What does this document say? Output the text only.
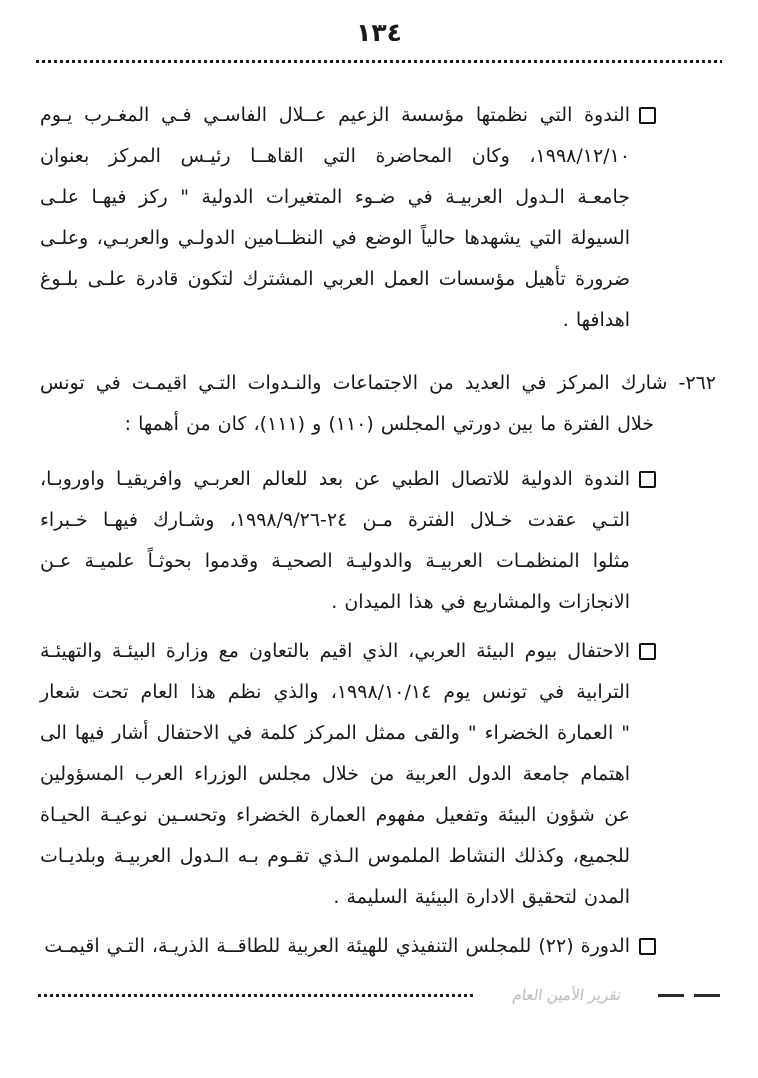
١٣٤
الندوة التي نظمتها مؤسسة الزعيم عــلال الفاسـي فـي المغـرب يـوم
١٩٩٨/١٢/١٠، وكان المحاضرة التي القاهــا رئيـس المركز بعنوان
جامعـة الـدول العربيـة في ضـوء المتغيرات الدولية " ركز فيهـا علـى
السيولة التي يشهدها حالياً الوضع في النظــامين الدولـي والعربـي، وعلـى
ضرورة تأهيل مؤسسات العمل العربي المشترك لتكون قادرة علـى بلـوغ
اهدافها .
٢٦٢- شارك المركز في العديد من الاجتماعات والنـدوات التـي اقيمـت في تونس
خلال الفترة ما بين دورتي المجلس (١١٠) و (١١١)، كان من أهمها :
الندوة الدولية للاتصال الطبي عن بعد للعالم العربـي وافريقيـا واوروبـا،
التـي عقدت خـلال الفترة مـن ٢٤-١٩٩٨/٩/٢٦، وشـارك فيهـا خـبراء
مثلوا المنظمـات العربيـة والدوليـة الصحيـة وقدموا بحوثـاً علميـة عـن
الانجازات والمشاريع في هذا الميدان .
الاحتفال بيوم البيئة العربي، الذي اقيم بالتعاون مع وزارة البيئـة والتهيئـة
الترابية في تونس يوم ١٩٩٨/١٠/١٤، والذي نظم هذا العام تحت شعار
" العمارة الخضراء " والقى ممثل المركز كلمة في الاحتفال أشار فيها الى
اهتمام جامعة الدول العربية من خلال مجلس الوزراء العرب المسؤولين
عن شؤون البيئة وتفعيل مفهوم العمارة الخضراء وتحسـين نوعيـة الحيـاة
للجميع، وكذلك النشاط الملموس الـذي تقـوم بـه الـدول العربيـة وبلديـات
المدن لتحقيق الادارة البيئية السليمة .
الدورة (٢٢) للمجلس التنفيذي للهيئة العربية للطاقــة الذريـة، التـي اقيمـت
تقرير الأمين العام
